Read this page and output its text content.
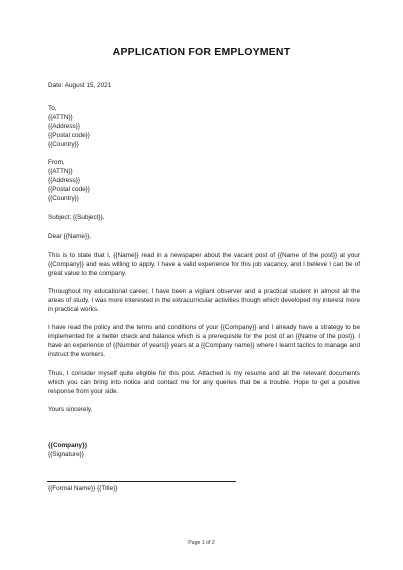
APPLICATION FOR EMPLOYMENT
Date: August 15, 2021
To,
{{ATTN}}
{{Address}}
{{Postal code}}
{{Country}}
From,
{{ATTN}}
{{Address}}
{{Postal code}}
{{Country}}
Subject: {{Subject}},
Dear {{Name}},
This is to state that I, {{Name}} read in a newspaper about the vacant post of {{Name of the post}} at your {{Company}} and was willing to apply. I have a valid experience for this job vacancy, and I believe I can be of great value to the company.
Throughout my educational career, I have been a vigilant observer and a practical student in almost all the areas of study. I was more interested in the extracurricular activities though which developed my interest more in practical works.
I have read the policy and the terms and conditions of your {{Company}} and I already have a strategy to be implemented for a better check and balance which is a prerequisite for the post of an {{Name of the post}}. I have an experience of {{Number of years}} years at a {{Company name}} where I learnt tactics to manage and instruct the workers.
Thus, I consider myself quite eligible for this post. Attached is my resume and all the relevant documents which you can bring into notice and contact me for any queries that be a trouble. Hope to get a positive response from your side.
Yours sincerely,
{{Company}}
{{Signature}}
{{Formal Name}} {{Title}}
Page 1 of 2
